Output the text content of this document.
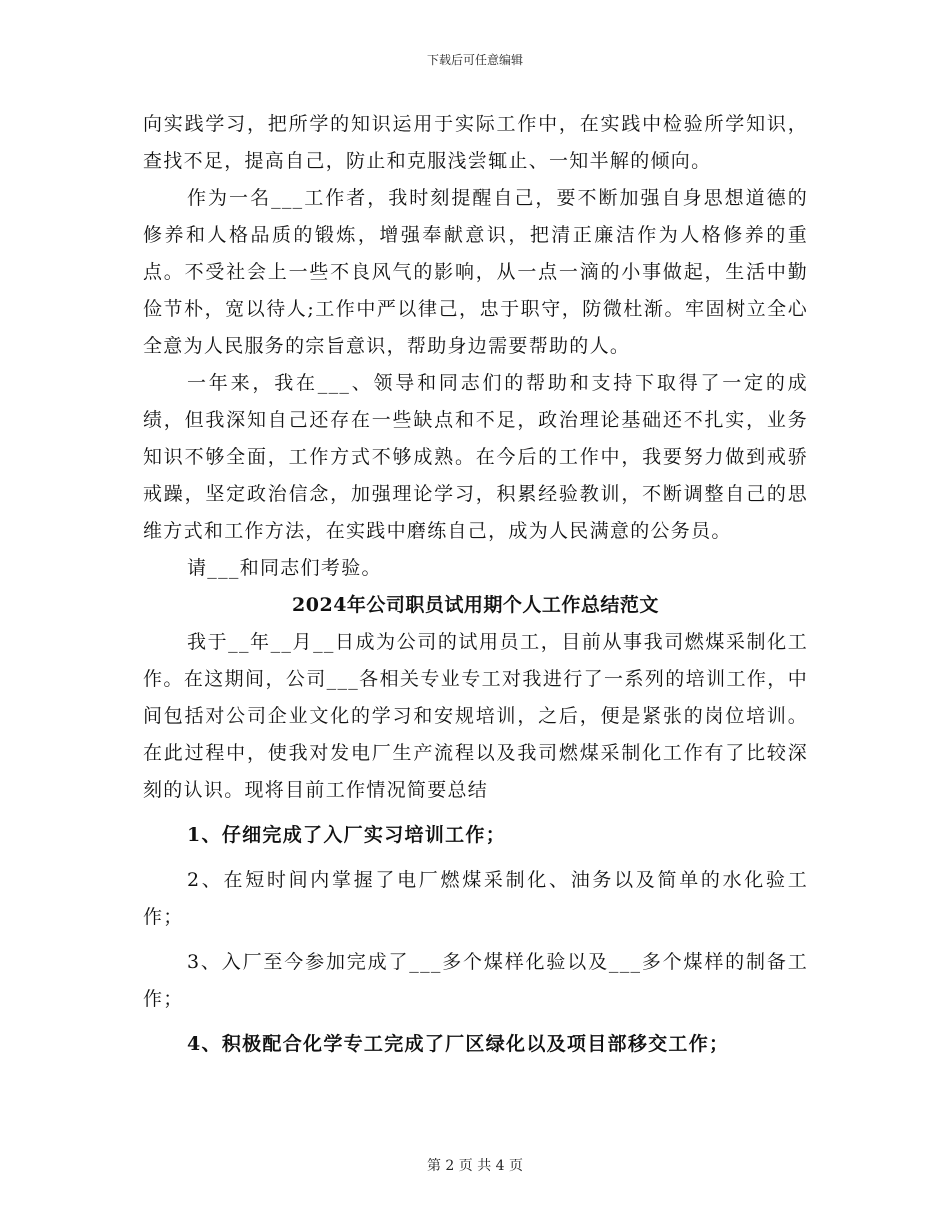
下载后可任意编辑

向实践学习，把所学的知识运用于实际工作中，在实践中检验所学知识，查找不足，提高自己，防止和克服浅尝辄止、一知半解的倾向。

作为一名___工作者，我时刻提醒自己，要不断加强自身思想道德的修养和人格品质的锻炼，增强奉献意识，把清正廉洁作为人格修养的重点。不受社会上一些不良风气的影响，从一点一滴的小事做起，生活中勤俭节朴，宽以待人;工作中严以律己，忠于职守，防微杜渐。牢固树立全心全意为人民服务的宗旨意识，帮助身边需要帮助的人。

一年来，我在___、领导和同志们的帮助和支持下取得了一定的成绩，但我深知自己还存在一些缺点和不足，政治理论基础还不扎实，业务知识不够全面，工作方式不够成熟。在今后的工作中，我要努力做到戒骄戒躁，坚定政治信念，加强理论学习，积累经验教训，不断调整自己的思维方式和工作方法，在实践中磨练自己，成为人民满意的公务员。

请___和同志们考验。

2024年公司职员试用期个人工作总结范文

我于__年__月__日成为公司的试用员工，目前从事我司燃煤采制化工作。在这期间，公司___各相关专业专工对我进行了一系列的培训工作，中间包括对公司企业文化的学习和安规培训，之后，便是紧张的岗位培训。在此过程中，使我对发电厂生产流程以及我司燃煤采制化工作有了比较深刻的认识。现将目前工作情况简要总结

1、仔细完成了入厂实习培训工作；

2、在短时间内掌握了电厂燃煤采制化、油务以及简单的水化验工作；

3、入厂至今参加完成了___多个煤样化验以及___多个煤样的制备工作；

4、积极配合化学专工完成了厂区绿化以及项目部移交工作；

第 2 页 共 4 页
